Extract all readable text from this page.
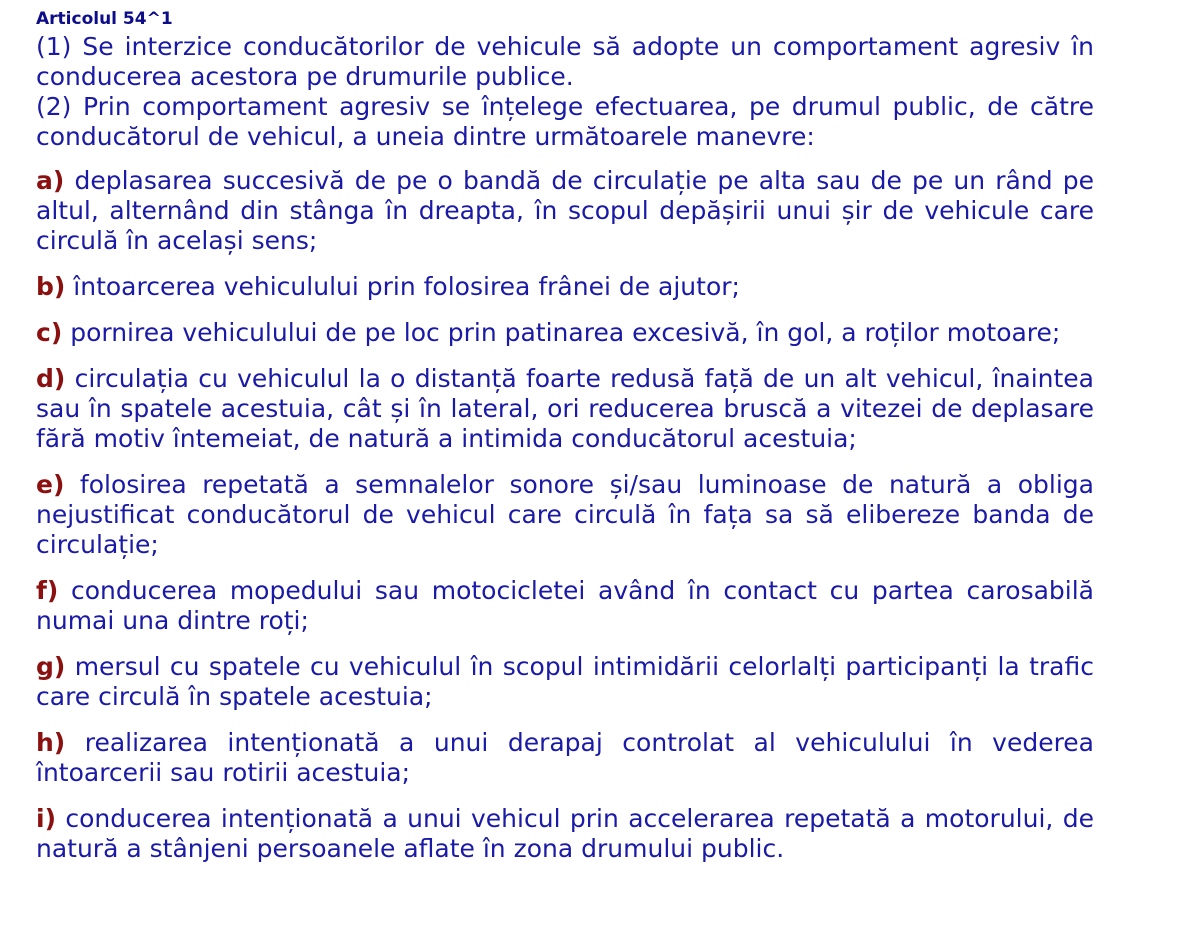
Articolul 54^1

(1) Se interzice conducătorilor de vehicule să adopte un comportament agresiv în conducerea acestora pe drumurile publice.

(2) Prin comportament agresiv se înțelege efectuarea, pe drumul public, de către conducătorul de vehicul, a uneia dintre următoarele manevre:

a) deplasarea succesivă de pe o bandă de circulație pe alta sau de pe un rând pe altul, alternând din stânga în dreapta, în scopul depășirii unui șir de vehicule care circulă în același sens;
b) întoarcerea vehiculului prin folosirea frânei de ajutor;
c) pornirea vehiculului de pe loc prin patinarea excesivă, în gol, a roților motoare;
d) circulația cu vehiculul la o distanță foarte redusă față de un alt vehicul, înaintea sau în spatele acestuia, cât și în lateral, ori reducerea bruscă a vitezei de deplasare fără motiv întemeiat, de natură a intimida conducătorul acestuia;
e) folosirea repetată a semnalelor sonore și/sau luminoase de natură a obliga nejustificat conducătorul de vehicul care circulă în fața sa să elibereze banda de circulație;
f) conducerea mopedului sau motocicletei având în contact cu partea carosabilă numai una dintre roți;
g) mersul cu spatele cu vehiculul în scopul intimidării celorlalți participanți la trafic care circulă în spatele acestuia;
h) realizarea intenționată a unui derapaj controlat al vehiculului în vederea întoarcerii sau rotirii acestuia;
i) conducerea intenționată a unui vehicul prin accelerarea repetată a motorului, de natură a stânjeni persoanele aflate în zona drumului public.
